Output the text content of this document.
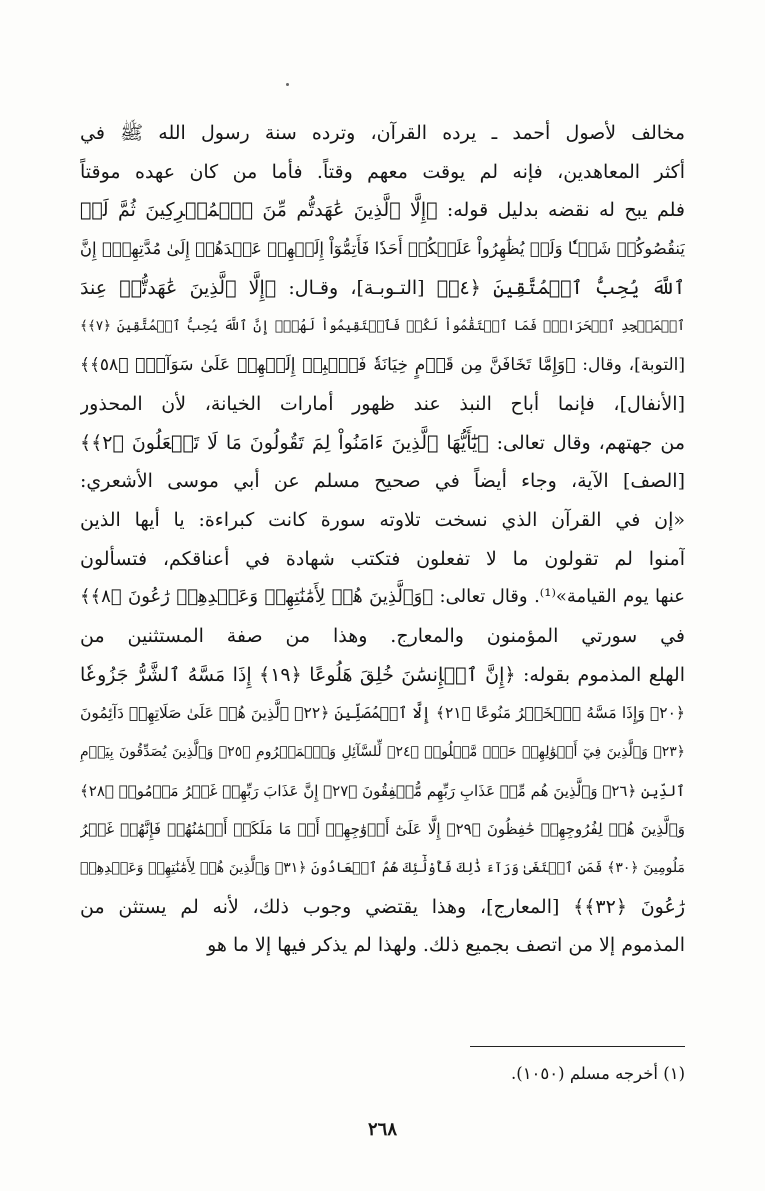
مخالف لأصول أحمد ـ يرده القرآن، وترده سنة رسول الله ﷺ في
أكثر المعاهدين، فإنه لم يوقت معهم وقتاً. فأما من كان عهده موقتاً
فلم يبح له نقضه بدليل قوله: ﴿إِلَّا ٱلَّذِينَ عَٰهَدتُّم مِّنَ ٱلۡمُشۡرِكِينَ ثُمَّ لَمۡ
يَنقُصُوكُمۡ شَيۡـٔٗا وَلَمۡ يُظَٰهِرُواْ عَلَيۡكُمۡ أَحَدٗا فَأَتِمُّوٓاْ إِلَيۡهِمۡ عَهۡدَهُمۡ إِلَىٰ مُدَّتِهِمۡۚ إِنَّ
ٱللَّهَ يُحِبُّ ٱلۡمُتَّقِينَ ﴿٤﴾﴾ [التـوبـة]، وقـال: ﴿إِلَّا ٱلَّذِينَ عَٰهَدتُّمۡ عِندَ
ٱلۡمَسۡجِدِ ٱلۡحَرَامِۖ فَمَا ٱسۡتَقَٰمُواْ لَكُمۡ فَٱسۡتَقِيمُواْ لَهُمۡۚ إِنَّ ٱللَّهَ يُحِبُّ ٱلۡمُتَّقِينَ ﴿٧﴾﴾
[التوبة]، وقال: ﴿وَإِمَّا تَخَافَنَّ مِن قَوۡمٍ خِيَانَةٗ فَٱنۢبِذۡ إِلَيۡهِمۡ عَلَىٰ سَوَآءٍۚ ﴿٥٨﴾﴾
[الأنفال]، فإنما أباح النبذ عند ظهور أمارات الخيانة، لأن المحذور
من جهتهم، وقال تعالى: ﴿يَٰٓأَيُّهَا ٱلَّذِينَ ءَامَنُواْ لِمَ تَقُولُونَ مَا لَا تَفۡعَلُونَ ﴿٢﴾﴾
[الصف] الآية، وجاء أيضاً في صحيح مسلم عن أبي موسى الأشعري:
«إن في القرآن الذي نسخت تلاوته سورة كانت كبراءة: يا أيها الذين
آمنوا لم تقولون ما لا تفعلون فتكتب شهادة في أعناقكم، فتسألون
عنها يوم القيامة»⁽¹⁾. وقال تعالى: ﴿وَٱلَّذِينَ هُمۡ لِأَمَٰنَٰتِهِمۡ وَعَهۡدِهِمۡ رَٰعُونَ ﴿٨﴾﴾
في سورتي المؤمنون والمعارج. وهذا من صفة المستثنين من
الهلع المذموم بقوله: ﴿إِنَّ ٱلۡإِنسَٰنَ خُلِقَ هَلُوعًا ﴿١٩﴾ إِذَا مَسَّهُ ٱلشَّرُّ جَزُوعٗا
﴿٢٠﴾ وَإِذَا مَسَّهُ ٱلۡخَيۡرُ مَنُوعًا ﴿٢١﴾ إِلَّا ٱلۡمُصَلِّينَ ﴿٢٢﴾ ٱلَّذِينَ هُمۡ عَلَىٰ صَلَاتِهِمۡ دَآئِمُونَ
﴿٢٣﴾ وَٱلَّذِينَ فِيٓ أَمۡوَٰلِهِمۡ حَقّٞ مَّعۡلُومٞ ﴿٢٤﴾ لِّلسَّآئِلِ وَٱلۡمَحۡرُومِ ﴿٢٥﴾ وَٱلَّذِينَ يُصَدِّقُونَ بِيَوۡمِ
ٱلدِّينِ ﴿٢٦﴾ وَٱلَّذِينَ هُم مِّنۡ عَذَابِ رَبِّهِم مُّشۡفِقُونَ ﴿٢٧﴾ إِنَّ عَذَابَ رَبِّهِمۡ غَيۡرُ مَأۡمُونٖ ﴿٢٨﴾
وَٱلَّذِينَ هُمۡ لِفُرُوجِهِمۡ حَٰفِظُونَ ﴿٢٩﴾ إِلَّا عَلَىٰٓ أَزۡوَٰجِهِمۡ أَوۡ مَا مَلَكَتۡ أَيۡمَٰنُهُمۡ فَإِنَّهُمۡ غَيۡرُ
مَلُومِينَ ﴿٣٠﴾ فَمَنِ ٱبۡتَغَىٰ وَرَآءَ ذَٰلِكَ فَأُوْلَٰٓئِكَ هُمُ ٱلۡعَادُونَ ﴿٣١﴾ وَٱلَّذِينَ هُمۡ لِأَمَٰنَٰتِهِمۡ وَعَهۡدِهِمۡ
رَٰعُونَ ﴿٣٢﴾﴾ [المعارج]، وهذا يقتضي وجوب ذلك، لأنه لم يستثن من
المذموم إلا من اتصف بجميع ذلك. ولهذا لم يذكر فيها إلا ما هو
(١) أخرجه مسلم (١٠٥٠).
٢٦٨
